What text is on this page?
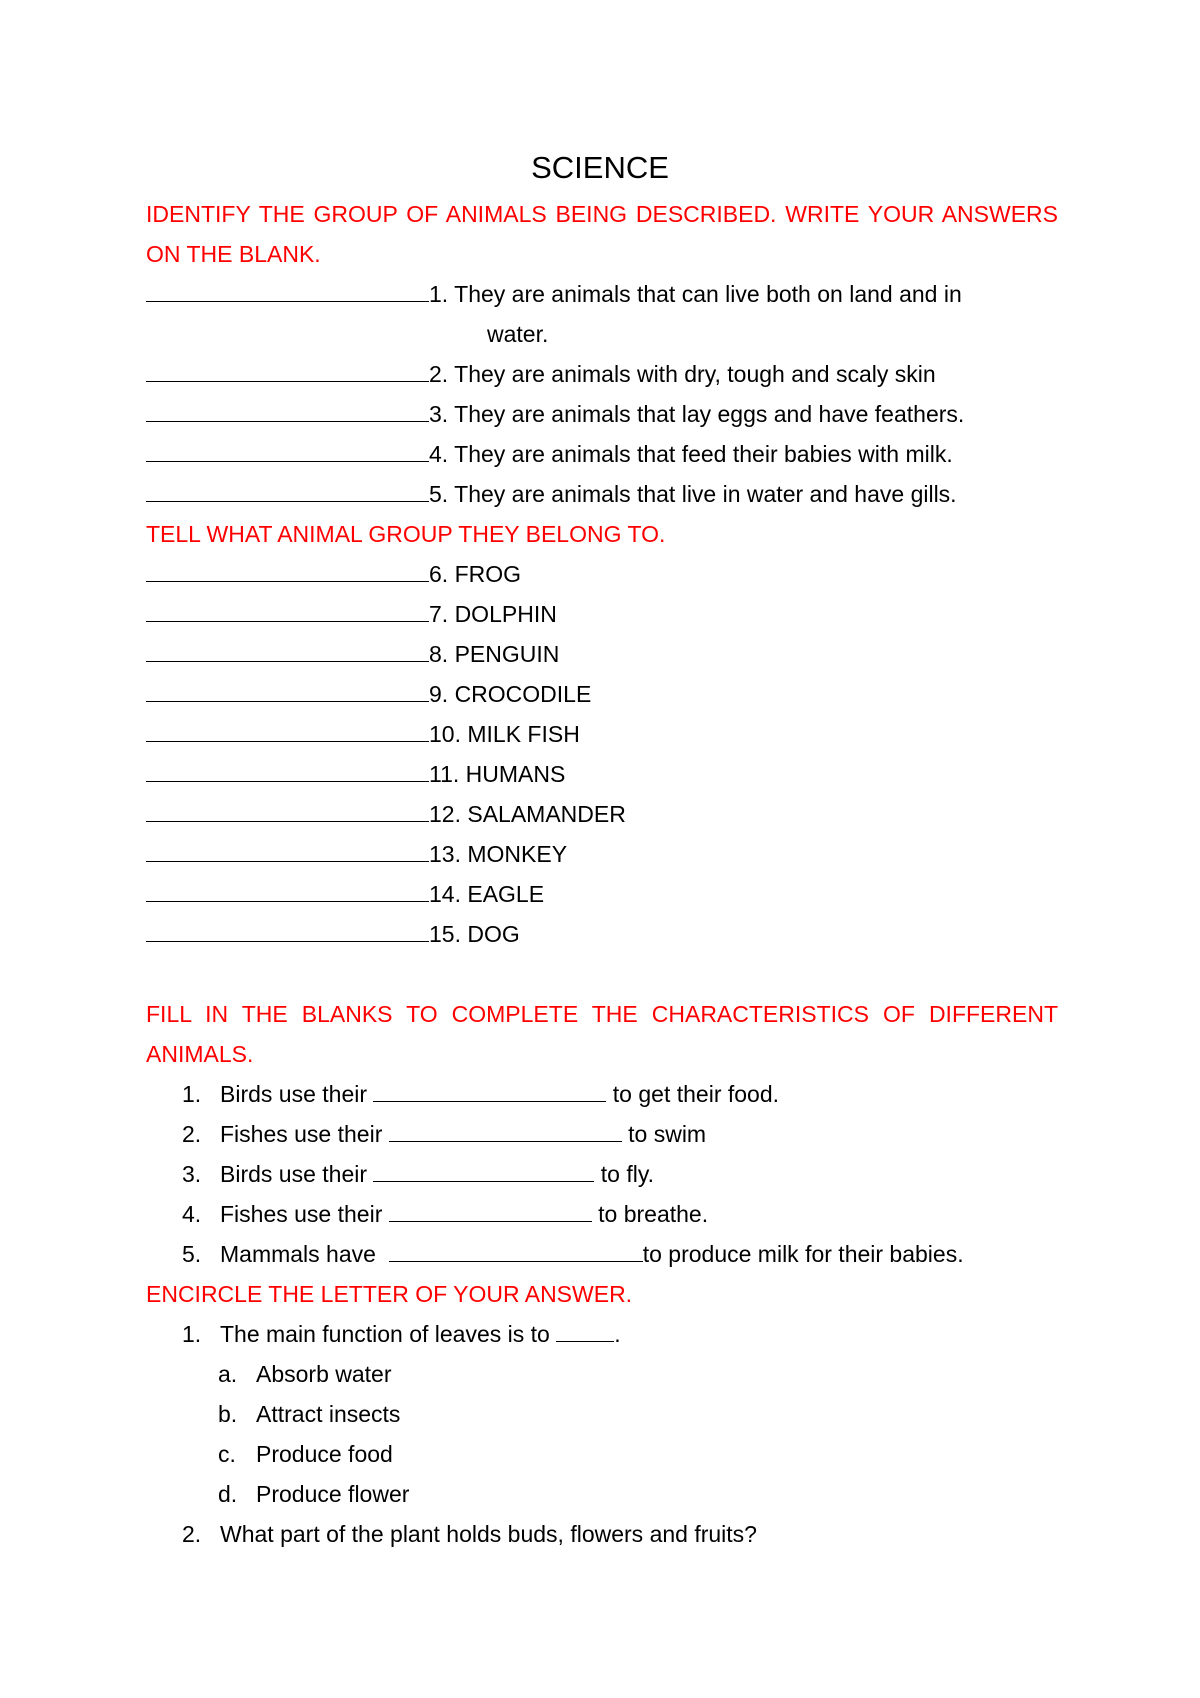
SCIENCE
IDENTIFY THE GROUP OF ANIMALS BEING DESCRIBED. WRITE YOUR ANSWERS
ON THE BLANK.
1. They are animals that can live both on land and in
water.
2. They are animals with dry, tough and scaly skin
3. They are animals that lay eggs and have feathers.
4. They are animals that feed their babies with milk.
5. They are animals that live in water and have gills.
TELL WHAT ANIMAL GROUP THEY BELONG TO.
6. FROG
7. DOLPHIN
8. PENGUIN
9. CROCODILE
10. MILK FISH
11. HUMANS
12. SALAMANDER
13. MONKEY
14. EAGLE
15. DOG
FILL IN THE BLANKS TO COMPLETE THE CHARACTERISTICS OF DIFFERENT
ANIMALS.
1. Birds use their	to get their food.
2. Fishes use their	to swim
3. Birds use their	to fly.
4. Fishes use their	to breathe.
5. Mammals have	to produce milk for their babies.
ENCIRCLE THE LETTER OF YOUR ANSWER.
1. The main function of leaves is to	.
a. Absorb water
b. Attract insects
c. Produce food
d. Produce flower
2. What part of the plant holds buds, flowers and fruits?
